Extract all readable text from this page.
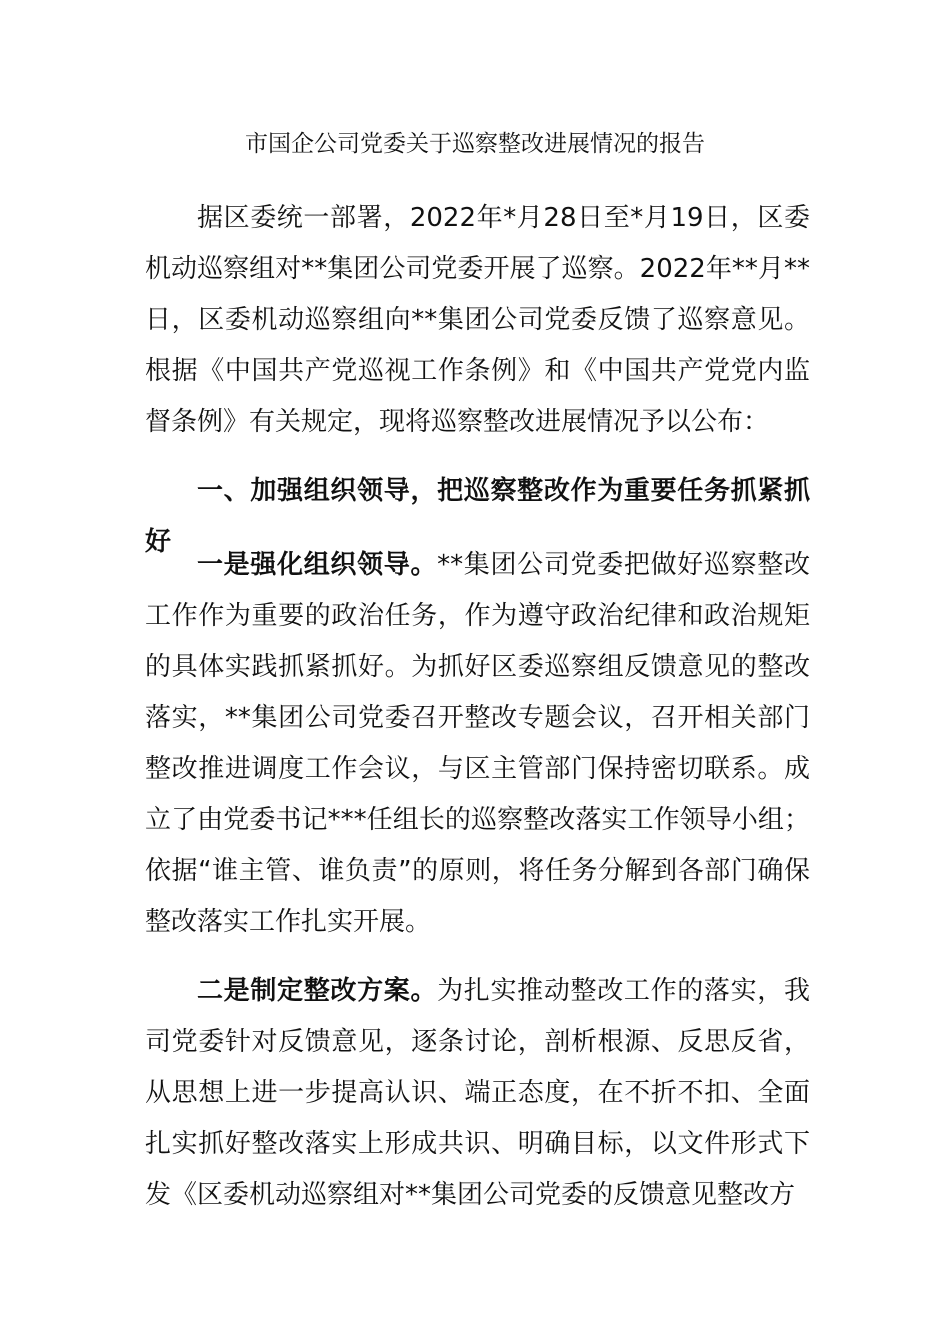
市国企公司党委关于巡察整改进展情况的报告

据区委统一部署，2022年*月28日至*月19日，区委机动巡察组对**集团公司党委开展了巡察。2022年**月**日，区委机动巡察组向**集团公司党委反馈了巡察意见。根据《中国共产党巡视工作条例》和《中国共产党党内监督条例》有关规定，现将巡察整改进展情况予以公布：

一、加强组织领导，把巡察整改作为重要任务抓紧抓好

一是强化组织领导。**集团公司党委把做好巡察整改工作作为重要的政治任务，作为遵守政治纪律和政治规矩的具体实践抓紧抓好。为抓好区委巡察组反馈意见的整改落实，**集团公司党委召开整改专题会议，召开相关部门整改推进调度工作会议，与区主管部门保持密切联系。成立了由党委书记***任组长的巡察整改落实工作领导小组；依据“谁主管、谁负责”的原则，将任务分解到各部门确保整改落实工作扎实开展。

二是制定整改方案。为扎实推动整改工作的落实，我司党委针对反馈意见，逐条讨论，剖析根源、反思反省，从思想上进一步提高认识、端正态度，在不折不扣、全面扎实抓好整改落实上形成共识、明确目标，以文件形式下发《区委机动巡察组对**集团公司党委的反馈意见整改方
